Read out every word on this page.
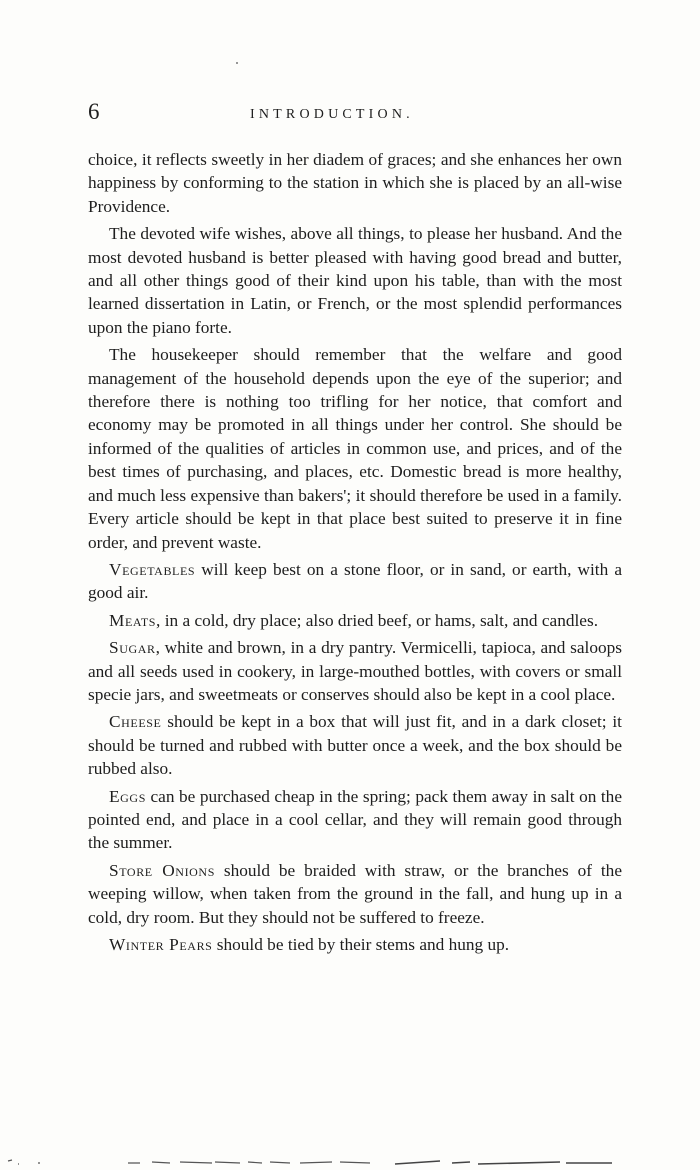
6	INTRODUCTION.

choice, it reflects sweetly in her diadem of graces; and she enhances her own happiness by conforming to the station in which she is placed by an all-wise Providence.

The devoted wife wishes, above all things, to please her husband. And the most devoted husband is better pleased with having good bread and butter, and all other things good of their kind upon his table, than with the most learned dissertation in Latin, or French, or the most splendid performances upon the piano forte.

The housekeeper should remember that the welfare and good management of the household depends upon the eye of the superior; and therefore there is nothing too trifling for her notice, that comfort and economy may be promoted in all things under her control. She should be informed of the qualities of articles in common use, and prices, and of the best times of purchasing, and places, etc. Domestic bread is more healthy, and much less expensive than bakers'; it should therefore be used in a family. Every article should be kept in that place best suited to preserve it in fine order, and prevent waste.

Vegetables will keep best on a stone floor, or in sand, or earth, with a good air.

Meats, in a cold, dry place; also dried beef, or hams, salt, and candles.

Sugar, white and brown, in a dry pantry. Vermicelli, tapioca, and saloops and all seeds used in cookery, in large-mouthed bottles, with covers or small specie jars, and sweetmeats or conserves should also be kept in a cool place.

Cheese should be kept in a box that will just fit, and in a dark closet; it should be turned and rubbed with butter once a week, and the box should be rubbed also.

Eggs can be purchased cheap in the spring; pack them away in salt on the pointed end, and place in a cool cellar, and they will remain good through the summer.

Store Onions should be braided with straw, or the branches of the weeping willow, when taken from the ground in the fall, and hung up in a cold, dry room. But they should not be suffered to freeze.

Winter Pears should be tied by their stems and hung up.
